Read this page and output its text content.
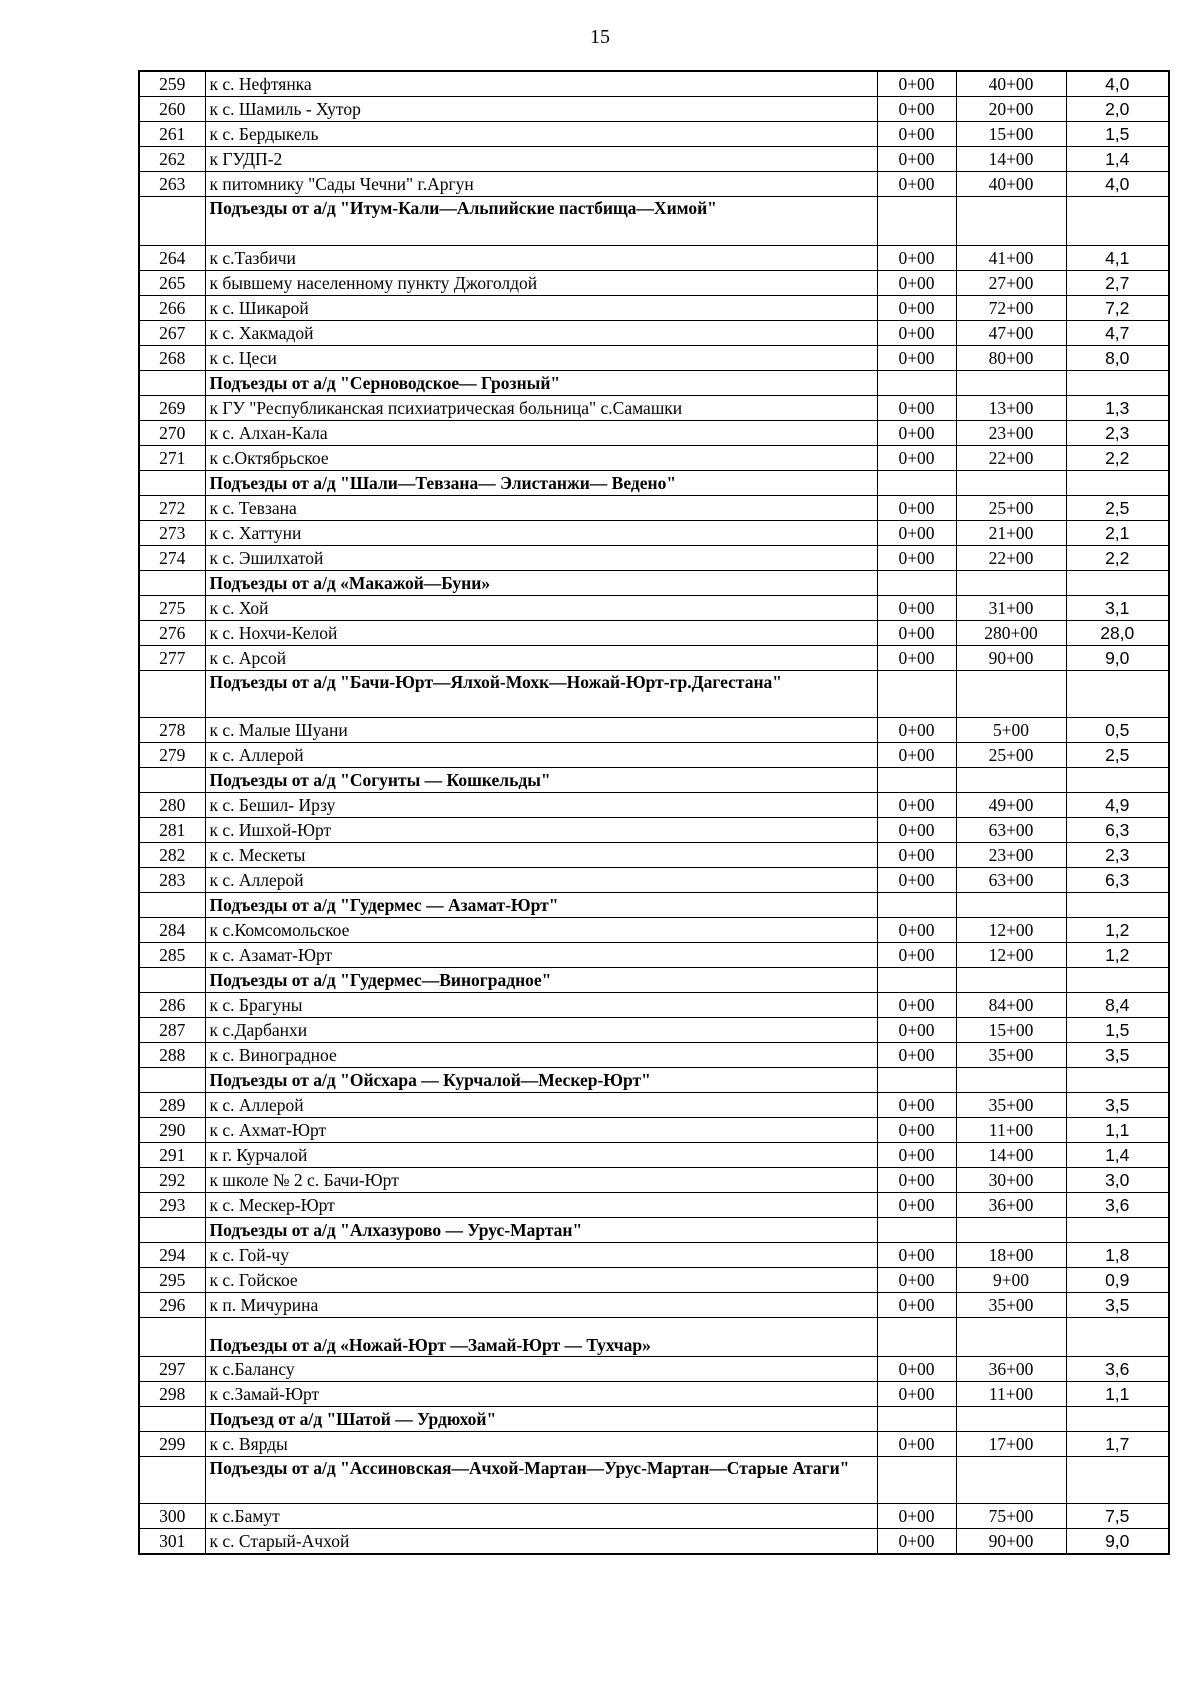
15
259	к с. Нефтянка	0+00	40+00	4,0
260	к с. Шамиль - Хутор	0+00	20+00	2,0
261	к с. Бердыкель	0+00	15+00	1,5
262	к ГУДП-2	0+00	14+00	1,4
263	к питомнику "Сады Чечни" г.Аргун	0+00	40+00	4,0
	Подъезды от а/д "Итум-Кали—Альпийские пастбища—Химой"			
264	к с.Тазбичи	0+00	41+00	4,1
265	к бывшему населенному пункту Джоголдой	0+00	27+00	2,7
266	к с. Шикарой	0+00	72+00	7,2
267	к с. Хакмадой	0+00	47+00	4,7
268	к с. Цеси	0+00	80+00	8,0
	Подъезды от а/д "Серноводское— Грозный"			
269	к ГУ "Республиканская психиатрическая больница" с.Самашки	0+00	13+00	1,3
270	к с. Алхан-Кала	0+00	23+00	2,3
271	к с.Октябрьское	0+00	22+00	2,2
	Подъезды от а/д "Шали—Тевзана— Элистанжи— Ведено"			
272	к с. Тевзана	0+00	25+00	2,5
273	к с. Хаттуни	0+00	21+00	2,1
274	к с. Эшилхатой	0+00	22+00	2,2
	Подъезды от а/д «Макажой—Буни»			
275	к с. Хой	0+00	31+00	3,1
276	к с. Нохчи-Келой	0+00	280+00	28,0
277	к с. Арсой	0+00	90+00	9,0
	Подъезды от а/д "Бачи-Юрт—Ялхой-Мохк—Ножай-Юрт-гр.Дагестана"			
278	к с. Малые Шуани	0+00	5+00	0,5
279	к с. Аллерой	0+00	25+00	2,5
	Подъезды от а/д "Согунты — Кошкельды"			
280	к с. Бешил- Ирзу	0+00	49+00	4,9
281	к с. Ишхой-Юрт	0+00	63+00	6,3
282	к с. Мескеты	0+00	23+00	2,3
283	к с. Аллерой	0+00	63+00	6,3
	Подъезды от а/д "Гудермес — Азамат-Юрт"			
284	к с.Комсомольское	0+00	12+00	1,2
285	к с. Азамат-Юрт	0+00	12+00	1,2
	Подъезды от а/д "Гудермес—Виноградное"			
286	к с. Брагуны	0+00	84+00	8,4
287	к с.Дарбанхи	0+00	15+00	1,5
288	к с. Виноградное	0+00	35+00	3,5
	Подъезды от а/д "Ойсхара — Курчалой—Мескер-Юрт"			
289	к с. Аллерой	0+00	35+00	3,5
290	к с. Ахмат-Юрт	0+00	11+00	1,1
291	к г. Курчалой	0+00	14+00	1,4
292	к школе № 2 с. Бачи-Юрт	0+00	30+00	3,0
293	к с. Мескер-Юрт	0+00	36+00	3,6
	Подъезды от а/д "Алхазурово — Урус-Мартан"			
294	к с. Гой-чу	0+00	18+00	1,8
295	к с. Гойское	0+00	9+00	0,9
296	к п. Мичурина	0+00	35+00	3,5
	Подъезды от а/д «Ножай-Юрт —Замай-Юрт — Тухчар»			
297	к с.Балансу	0+00	36+00	3,6
298	к с.Замай-Юрт	0+00	11+00	1,1
	Подъезд от а/д "Шатой — Урдюхой"			
299	к с. Вярды	0+00	17+00	1,7
	Подъезды от а/д "Ассиновская—Ачхой-Мартан—Урус-Мартан—Старые Атаги"			
300	к с.Бамут	0+00	75+00	7,5
301	к с. Старый-Ачхой	0+00	90+00	9,0
